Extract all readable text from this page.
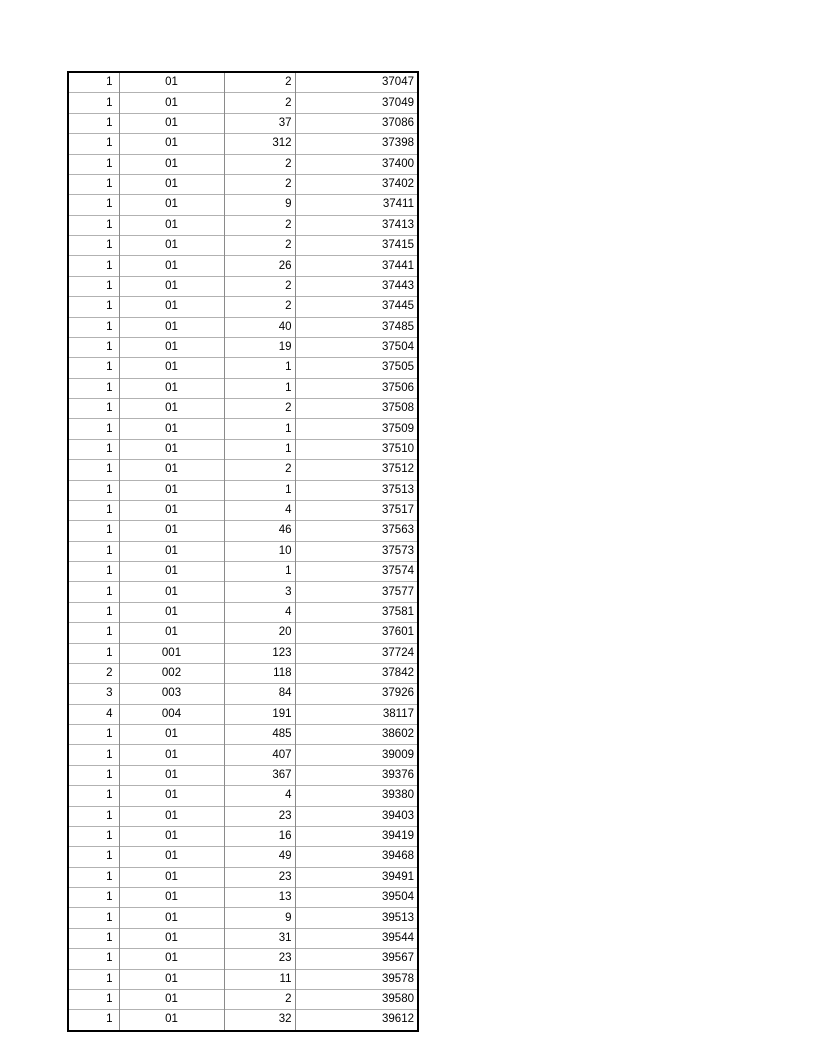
1	01	2	37047
1	01	2	37049
1	01	37	37086
1	01	312	37398
1	01	2	37400
1	01	2	37402
1	01	9	37411
1	01	2	37413
1	01	2	37415
1	01	26	37441
1	01	2	37443
1	01	2	37445
1	01	40	37485
1	01	19	37504
1	01	1	37505
1	01	1	37506
1	01	2	37508
1	01	1	37509
1	01	1	37510
1	01	2	37512
1	01	1	37513
1	01	4	37517
1	01	46	37563
1	01	10	37573
1	01	1	37574
1	01	3	37577
1	01	4	37581
1	01	20	37601
1	001	123	37724
2	002	118	37842
3	003	84	37926
4	004	191	38117
1	01	485	38602
1	01	407	39009
1	01	367	39376
1	01	4	39380
1	01	23	39403
1	01	16	39419
1	01	49	39468
1	01	23	39491
1	01	13	39504
1	01	9	39513
1	01	31	39544
1	01	23	39567
1	01	11	39578
1	01	2	39580
1	01	32	39612
